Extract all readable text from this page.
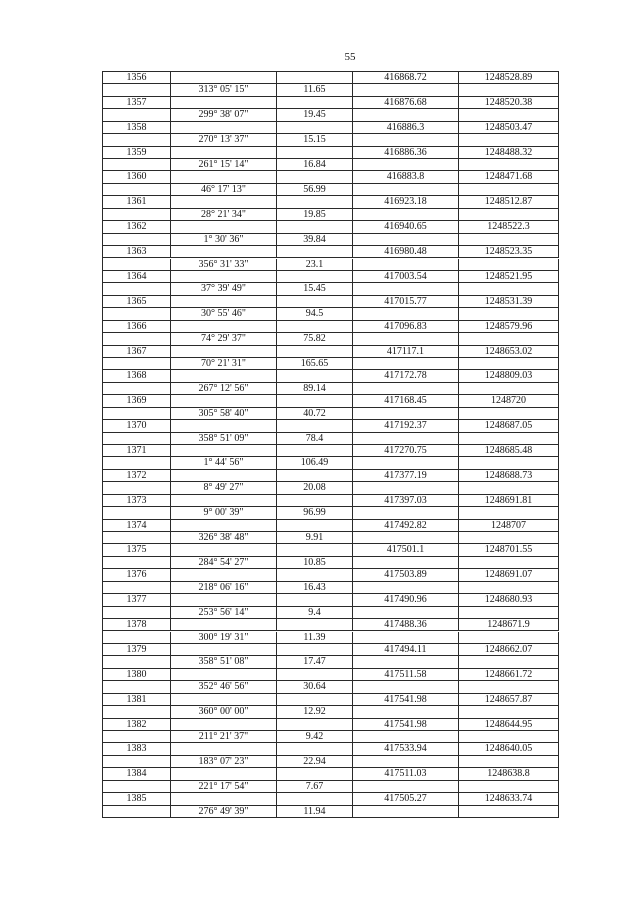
55
1356	416868.72	1248528.89
313° 05' 15"	11.65
1357	416876.68	1248520.38
299° 38' 07"	19.45
1358	416886.3	1248503.47
270° 13' 37"	15.15
1359	416886.36	1248488.32
261° 15' 14"	16.84
1360	416883.8	1248471.68
46° 17' 13"	56.99
1361	416923.18	1248512.87
28° 21' 34"	19.85
1362	416940.65	1248522.3
1° 30' 36"	39.84
1363	416980.48	1248523.35
356° 31' 33"	23.1
1364	417003.54	1248521.95
37° 39' 49"	15.45
1365	417015.77	1248531.39
30° 55' 46"	94.5
1366	417096.83	1248579.96
74° 29' 37"	75.82
1367	417117.1	1248653.02
70° 21' 31"	165.65
1368	417172.78	1248809.03
267° 12' 56"	89.14
1369	417168.45	1248720
305° 58' 40"	40.72
1370	417192.37	1248687.05
358° 51' 09"	78.4
1371	417270.75	1248685.48
1° 44' 56"	106.49
1372	417377.19	1248688.73
8° 49' 27"	20.08
1373	417397.03	1248691.81
9° 00' 39"	96.99
1374	417492.82	1248707
326° 38' 48"	9.91
1375	417501.1	1248701.55
284° 54' 27"	10.85
1376	417503.89	1248691.07
218° 06' 16"	16.43
1377	417490.96	1248680.93
253° 56' 14"	9.4
1378	417488.36	1248671.9
300° 19' 31"	11.39
1379	417494.11	1248662.07
358° 51' 08"	17.47
1380	417511.58	1248661.72
352° 46' 56"	30.64
1381	417541.98	1248657.87
360° 00' 00"	12.92
1382	417541.98	1248644.95
211° 21' 37"	9.42
1383	417533.94	1248640.05
183° 07' 23"	22.94
1384	417511.03	1248638.8
221° 17' 54"	7.67
1385	417505.27	1248633.74
276° 49' 39"	11.94
